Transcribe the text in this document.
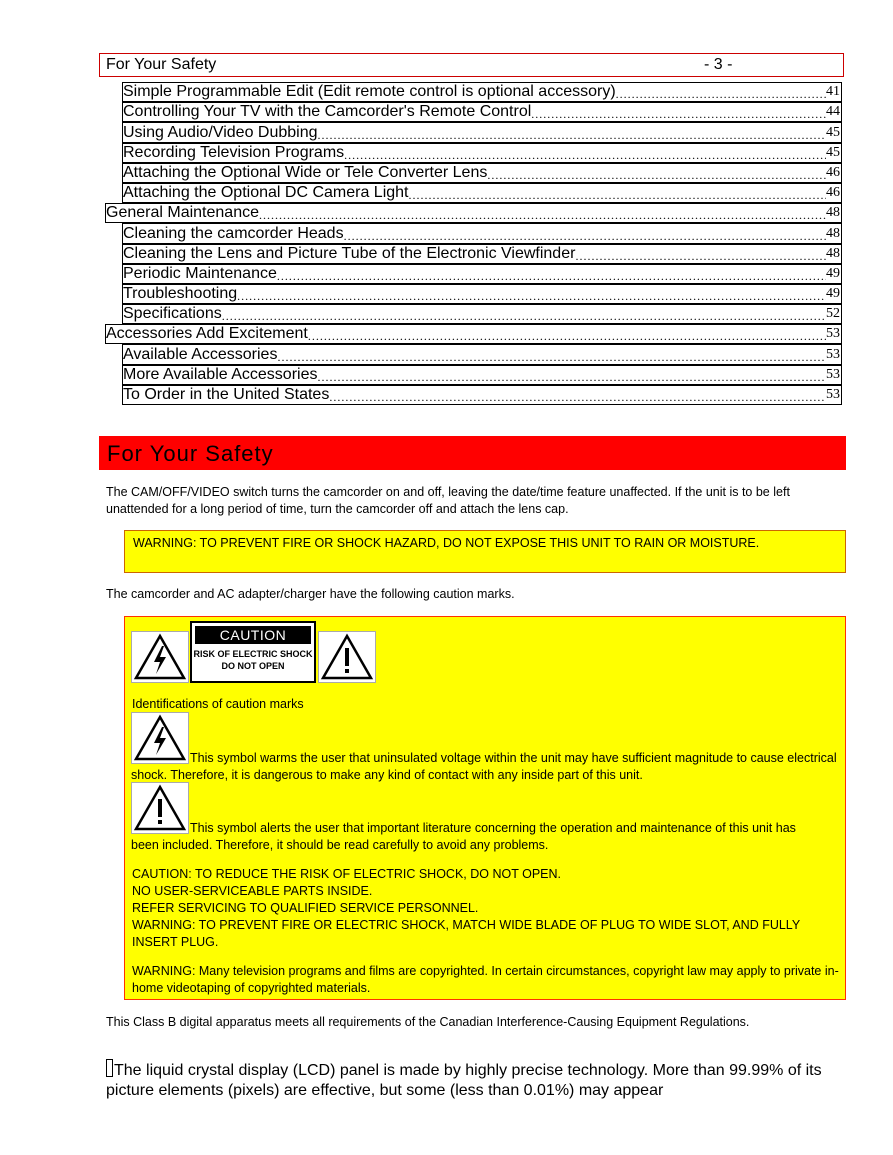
For Your Safety	- 3 -
Simple Programmable Edit (Edit remote control is optional accessory) .....	41
Controlling Your TV with the Camcorder's Remote Control .....	44
Using Audio/Video Dubbing .....	45
Recording Television Programs .....	45
Attaching the Optional Wide or Tele Converter Lens .....	46
Attaching the Optional DC Camera Light .....	46
General Maintenance .....	48
Cleaning the camcorder Heads .....	48
Cleaning the Lens and Picture Tube of the Electronic Viewfinder .....	48
Periodic Maintenance .....	49
Troubleshooting .....	49
Specifications .....	52
Accessories Add Excitement .....	53
Available Accessories .....	53
More Available Accessories .....	53
To Order in the United States .....	53
For Your Safety
The CAM/OFF/VIDEO switch turns the camcorder on and off, leaving the date/time feature unaffected. If the unit is to be left unattended for a long period of time, turn the camcorder off and attach the lens cap.
WARNING: TO PREVENT FIRE OR SHOCK HAZARD, DO NOT EXPOSE THIS UNIT TO RAIN OR MOISTURE.
The camcorder and AC adapter/charger have the following caution marks.
CAUTION
RISK OF ELECTRIC SHOCK
DO NOT OPEN
Identifications of caution marks
This symbol warms the user that uninsulated voltage within the unit may have sufficient magnitude to cause electrical shock. Therefore, it is dangerous to make any kind of contact with any inside part of this unit.
This symbol alerts the user that important literature concerning the operation and maintenance of this unit has been included. Therefore, it should be read carefully to avoid any problems.
CAUTION: TO REDUCE THE RISK OF ELECTRIC SHOCK, DO NOT OPEN.
NO USER-SERVICEABLE PARTS INSIDE.
REFER SERVICING TO QUALIFIED SERVICE PERSONNEL.
WARNING: TO PREVENT FIRE OR ELECTRIC SHOCK, MATCH WIDE BLADE OF PLUG TO WIDE SLOT, AND FULLY INSERT PLUG.
WARNING: Many television programs and films are copyrighted. In certain circumstances, copyright law may apply to private in-home videotaping of copyrighted materials.
This Class B digital apparatus meets all requirements of the Canadian Interference-Causing Equipment Regulations.
The liquid crystal display (LCD) panel is made by highly precise technology. More than 99.99% of its picture elements (pixels) are effective, but some (less than 0.01%) may appear
